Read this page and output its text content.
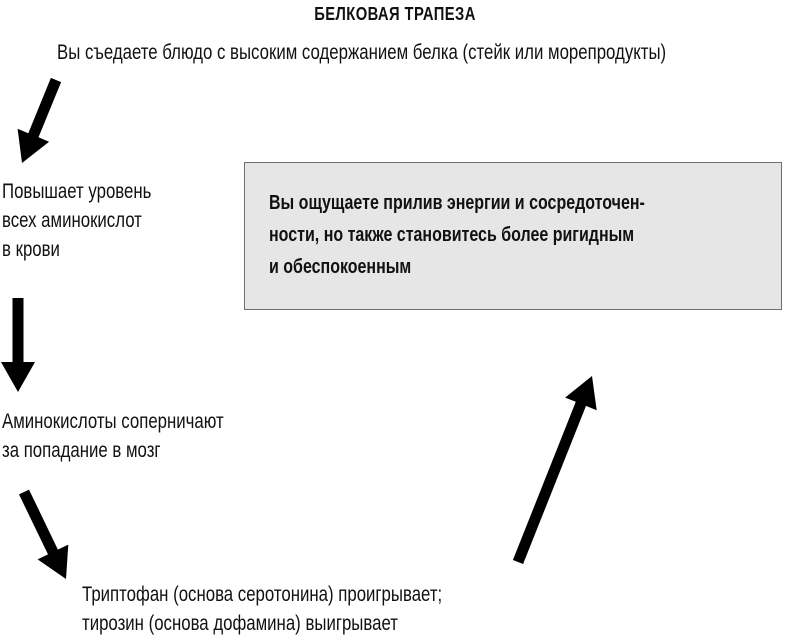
БЕЛКОВАЯ ТРАПЕЗА
Вы съедаете блюдо с высоким содержанием белка (стейк или морепродукты)
Повышает уровень
всех аминокислот
в крови
Аминокислоты соперничают
за попадание в мозг
Триптофан (основа серотонина) проигрывает;
тирозин (основа дофамина) выигрывает
Вы ощущаете прилив энергии и сосредоточен-
ности, но также становитесь более ригидным
и обеспокоенным
